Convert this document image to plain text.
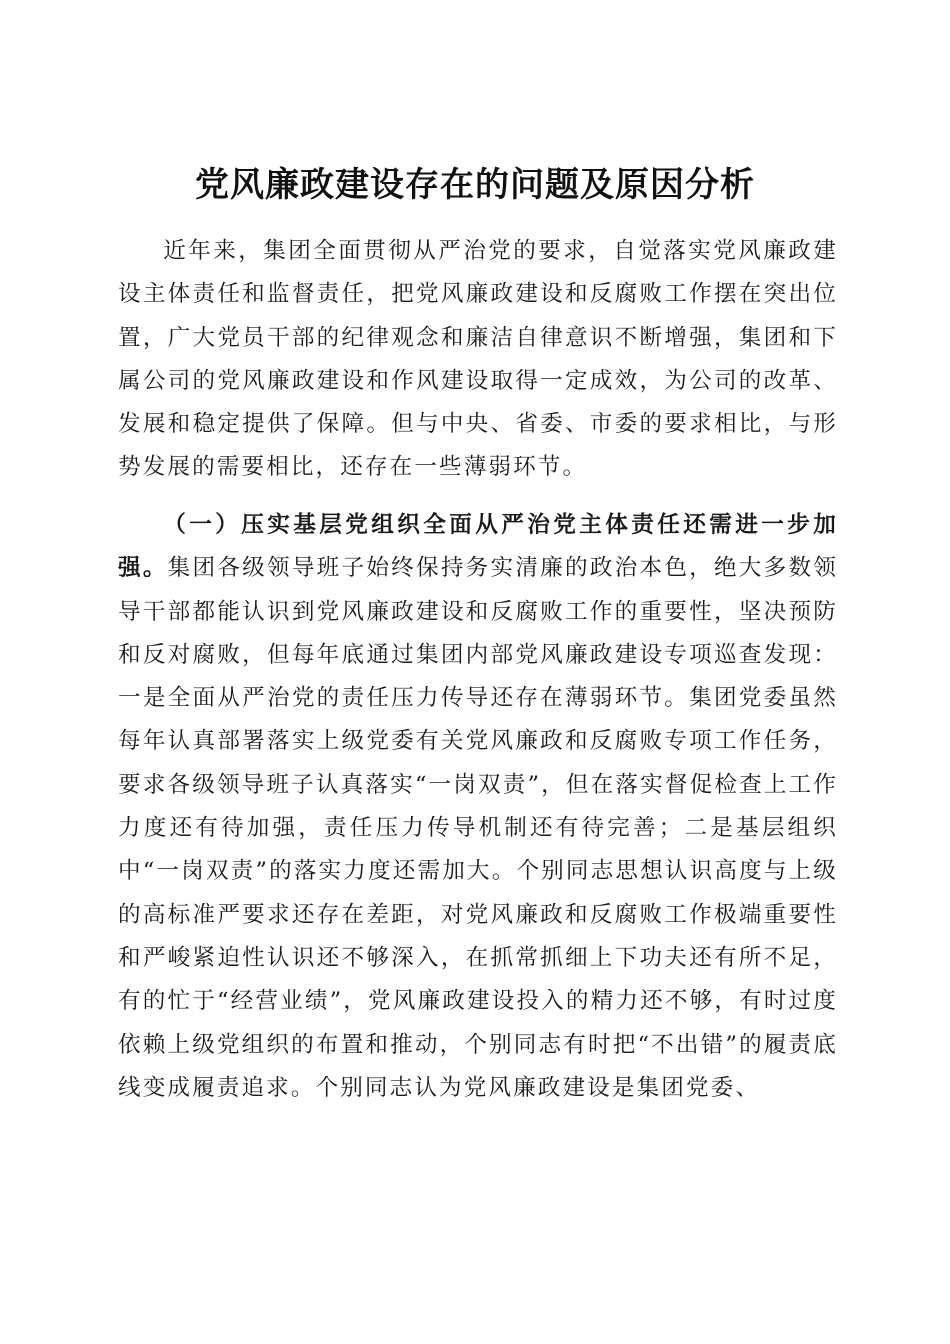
党风廉政建设存在的问题及原因分析

近年来，集团全面贯彻从严治党的要求，自觉落实党风廉政建设主体责任和监督责任，把党风廉政建设和反腐败工作摆在突出位置，广大党员干部的纪律观念和廉洁自律意识不断增强，集团和下属公司的党风廉政建设和作风建设取得一定成效，为公司的改革、发展和稳定提供了保障。但与中央、省委、市委的要求相比，与形势发展的需要相比，还存在一些薄弱环节。

（一）压实基层党组织全面从严治党主体责任还需进一步加强。集团各级领导班子始终保持务实清廉的政治本色，绝大多数领导干部都能认识到党风廉政建设和反腐败工作的重要性，坚决预防和反对腐败，但每年底通过集团内部党风廉政建设专项巡查发现：一是全面从严治党的责任压力传导还存在薄弱环节。集团党委虽然每年认真部署落实上级党委有关党风廉政和反腐败专项工作任务，要求各级领导班子认真落实“一岗双责”，但在落实督促检查上工作力度还有待加强，责任压力传导机制还有待完善；二是基层组织中“一岗双责”的落实力度还需加大。个别同志思想认识高度与上级的高标准严要求还存在差距，对党风廉政和反腐败工作极端重要性和严峻紧迫性认识还不够深入，在抓常抓细上下功夫还有所不足，有的忙于“经营业绩”，党风廉政建设投入的精力还不够，有时过度依赖上级党组织的布置和推动，个别同志有时把“不出错”的履责底线变成履责追求。个别同志认为党风廉政建设是集团党委、
